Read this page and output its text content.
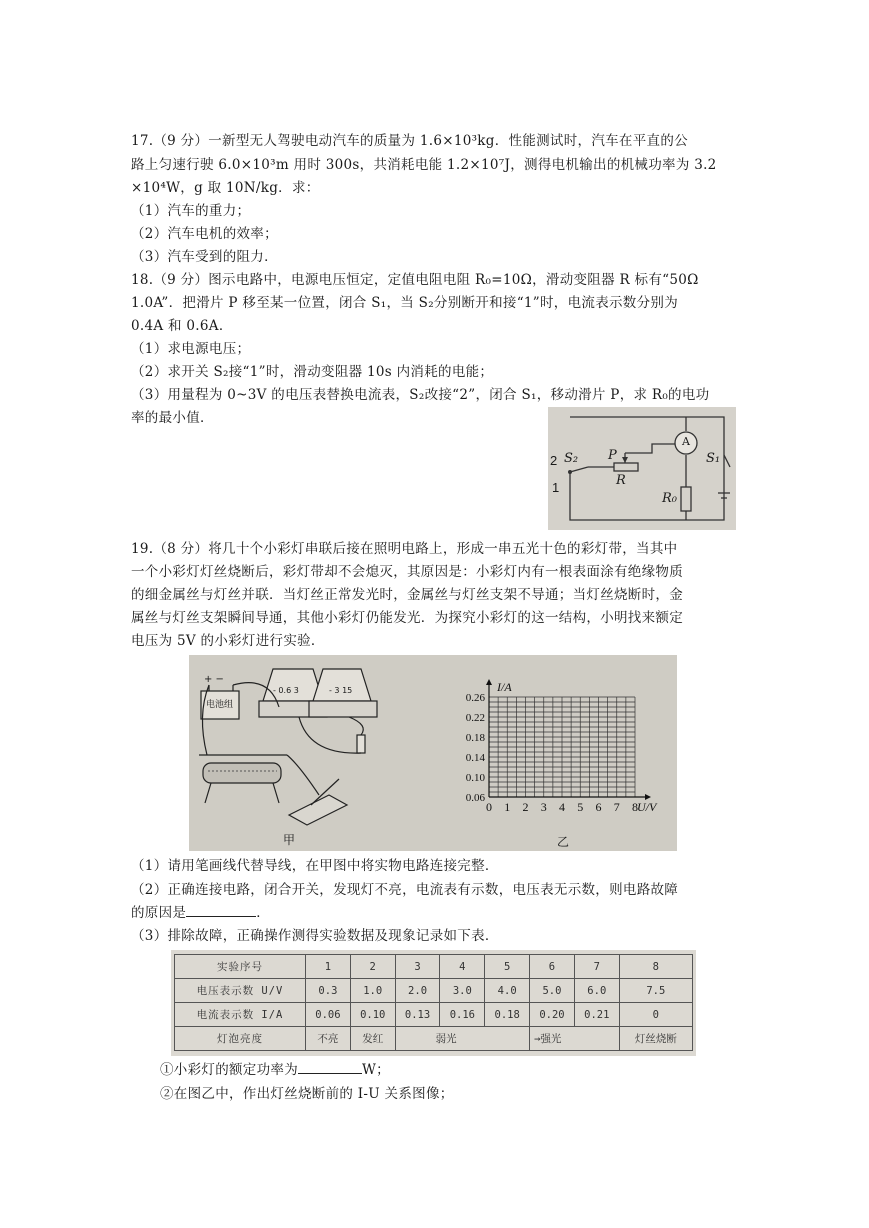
17.（9 分）一新型无人驾驶电动汽车的质量为 1.6×10³kg．性能测试时，汽车在平直的公
路上匀速行驶 6.0×10³m 用时 300s，共消耗电能 1.2×10⁷J，测得电机输出的机械功率为 3.2
×10⁴W，g 取 10N/kg．求：
（1）汽车的重力；
（2）汽车电机的效率；
（3）汽车受到的阻力．
18.（9 分）图示电路中，电源电压恒定，定值电阻电阻 R₀=10Ω，滑动变阻器 R 标有“50Ω
1.0A”．把滑片 P 移至某一位置，闭合 S₁，当 S₂分别断开和接“1”时，电流表示数分别为
0.4A 和 0.6A．
（1）求电源电压；
（2）求开关 S₂接“1”时，滑动变阻器 10s 内消耗的电能；
（3）用量程为 0~3V 的电压表替换电流表，S₂改接“2”，闭合 S₁，移动滑片 P，求 R₀的电功
率的最小值．
2
1
S₂ P
R
A
S₁
R₀
19.（8 分）将几十个小彩灯串联后接在照明电路上，形成一串五光十色的彩灯带，当其中
一个小彩灯灯丝烧断后，彩灯带却不会熄灭，其原因是：小彩灯内有一根表面涂有绝缘物质
的细金属丝与灯丝并联．当灯丝正常发光时，金属丝与灯丝支架不导通；当灯丝烧断时，金
属丝与灯丝支架瞬间导通，其他小彩灯仍能发光．为探究小彩灯的这一结构，小明找来额定
电压为 5V 的小彩灯进行实验．
电池组
+ −
- 0.6 3	- 3 15
甲	乙
0.26
0.22
0.18
0.14
0.10
0.06
0 1 2 3 4 5 6 7 8
I/A
U/V
（1）请用笔画线代替导线，在甲图中将实物电路连接完整．
（2）正确连接电路，闭合开关，发现灯不亮，电流表有示数，电压表无示数，则电路故障
的原因是	．
（3）排除故障，正确操作测得实验数据及现象记录如下表．
实验序号	1	2	3	4	5	6	7	8
电压表示数 U/V	0.3	1.0	2.0	3.0	4.0	5.0	6.0	7.5
电流表示数 I/A	0.06	0.10	0.13	0.16	0.18	0.20	0.21	0
灯泡亮度	不亮	发红	弱光			→强光		灯丝烧断
①小彩灯的额定功率为	W；
②在图乙中，作出灯丝烧断前的 I-U 关系图像；
